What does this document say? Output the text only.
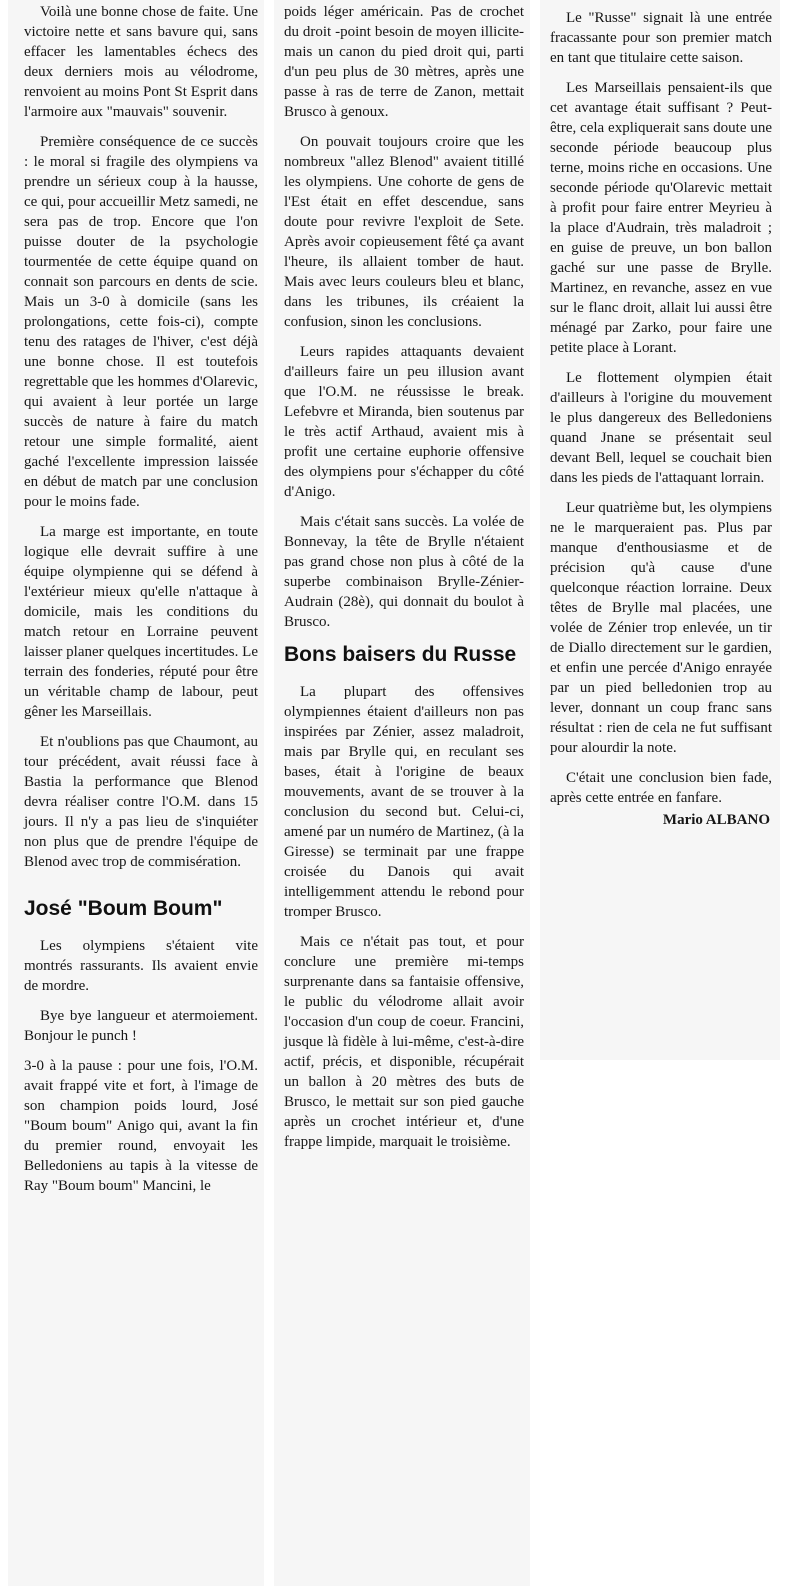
Voilà une bonne chose de faite. Une victoire nette et sans bavure qui, sans effacer les lamentables échecs des deux derniers mois au vélodrome, renvoient au moins Pont St Esprit dans l'armoire aux "mauvais" souvenir.

Première conséquence de ce succès : le moral si fragile des olympiens va prendre un sérieux coup à la hausse, ce qui, pour accueillir Metz samedi, ne sera pas de trop. Encore que l'on puisse douter de la psychologie tourmentée de cette équipe quand on connait son parcours en dents de scie. Mais un 3-0 à domicile (sans les prolongations, cette fois-ci), compte tenu des ratages de l'hiver, c'est déjà une bonne chose. Il est toutefois regrettable que les hommes d'Olarevic, qui avaient à leur portée un large succès de nature à faire du match retour une simple formalité, aient gaché l'excellente impression laissée en début de match par une conclusion pour le moins fade.

La marge est importante, en toute logique elle devrait suffire à une équipe olympienne qui se défend à l'extérieur mieux qu'elle n'attaque à domicile, mais les conditions du match retour en Lorraine peuvent laisser planer quelques incertitudes. Le terrain des fonderies, réputé pour être un véritable champ de labour, peut gêner les Marseillais.

Et n'oublions pas que Chaumont, au tour précédent, avait réussi face à Bastia la performance que Blenod devra réaliser contre l'O.M. dans 15 jours. Il n'y a pas lieu de s'inquiéter non plus que de prendre l'équipe de Blenod avec trop de commisération.

José "Boum Boum"

Les olympiens s'étaient vite montrés rassurants. Ils avaient envie de mordre.

Bye bye langueur et atermoiement. Bonjour le punch !

3-0 à la pause : pour une fois, l'O.M. avait frappé vite et fort, à l'image de son champion poids lourd, José "Boum boum" Anigo qui, avant la fin du premier round, envoyait les Belledoniens au tapis à la vitesse de Ray "Boum boum" Mancini, le

poids léger américain. Pas de crochet du droit -point besoin de moyen illicite- mais un canon du pied droit qui, parti d'un peu plus de 30 mètres, après une passe à ras de terre de Zanon, mettait Brusco à genoux.

On pouvait toujours croire que les nombreux "allez Blenod" avaient titillé les olympiens. Une cohorte de gens de l'Est était en effet descendue, sans doute pour revivre l'exploit de Sete. Après avoir copieusement fêté ça avant l'heure, ils allaient tomber de haut. Mais avec leurs couleurs bleu et blanc, dans les tribunes, ils créaient la confusion, sinon les conclusions.

Leurs rapides attaquants devaient d'ailleurs faire un peu illusion avant que l'O.M. ne réussisse le break. Lefebvre et Miranda, bien soutenus par le très actif Arthaud, avaient mis à profit une certaine euphorie offensive des olympiens pour s'échapper du côté d'Anigo.

Mais c'était sans succès. La volée de Bonnevay, la tête de Brylle n'étaient pas grand chose non plus à côté de la superbe combinaison Brylle-Zénier-Audrain (28è), qui donnait du boulot à Brusco.

Bons baisers du Russe

La plupart des offensives olympiennes étaient d'ailleurs non pas inspirées par Zénier, assez maladroit, mais par Brylle qui, en reculant ses bases, était à l'origine de beaux mouvements, avant de se trouver à la conclusion du second but. Celui-ci, amené par un numéro de Martinez, (à la Giresse) se terminait par une frappe croisée du Danois qui avait intelligemment attendu le rebond pour tromper Brusco.

Mais ce n'était pas tout, et pour conclure une première mi-temps surprenante dans sa fantaisie offensive, le public du vélodrome allait avoir l'occasion d'un coup de coeur. Francini, jusque là fidèle à lui-même, c'est-à-dire actif, précis, et disponible, récupérait un ballon à 20 mètres des buts de Brusco, le mettait sur son pied gauche après un crochet intérieur et, d'une frappe limpide, marquait le troisième.

Le "Russe" signait là une entrée fracassante pour son premier match en tant que titulaire cette saison.

Les Marseillais pensaient-ils que cet avantage était suffisant ? Peut-être, cela expliquerait sans doute une seconde période beaucoup plus terne, moins riche en occasions. Une seconde période qu'Olarevic mettait à profit pour faire entrer Meyrieu à la place d'Audrain, très maladroit ; en guise de preuve, un bon ballon gaché sur une passe de Brylle. Martinez, en revanche, assez en vue sur le flanc droit, allait lui aussi être ménagé par Zarko, pour faire une petite place à Lorant.

Le flottement olympien était d'ailleurs à l'origine du mouvement le plus dangereux des Belledoniens quand Jnane se présentait seul devant Bell, lequel se couchait bien dans les pieds de l'attaquant lorrain.

Leur quatrième but, les olympiens ne le marqueraient pas. Plus par manque d'enthousiasme et de précision qu'à cause d'une quelconque réaction lorraine. Deux têtes de Brylle mal placées, une volée de Zénier trop enlevée, un tir de Diallo directement sur le gardien, et enfin une percée d'Anigo enrayée par un pied belledonien trop au lever, donnant un coup franc sans résultat : rien de cela ne fut suffisant pour alourdir la note.

C'était une conclusion bien fade, après cette entrée en fanfare.

Mario ALBANO
